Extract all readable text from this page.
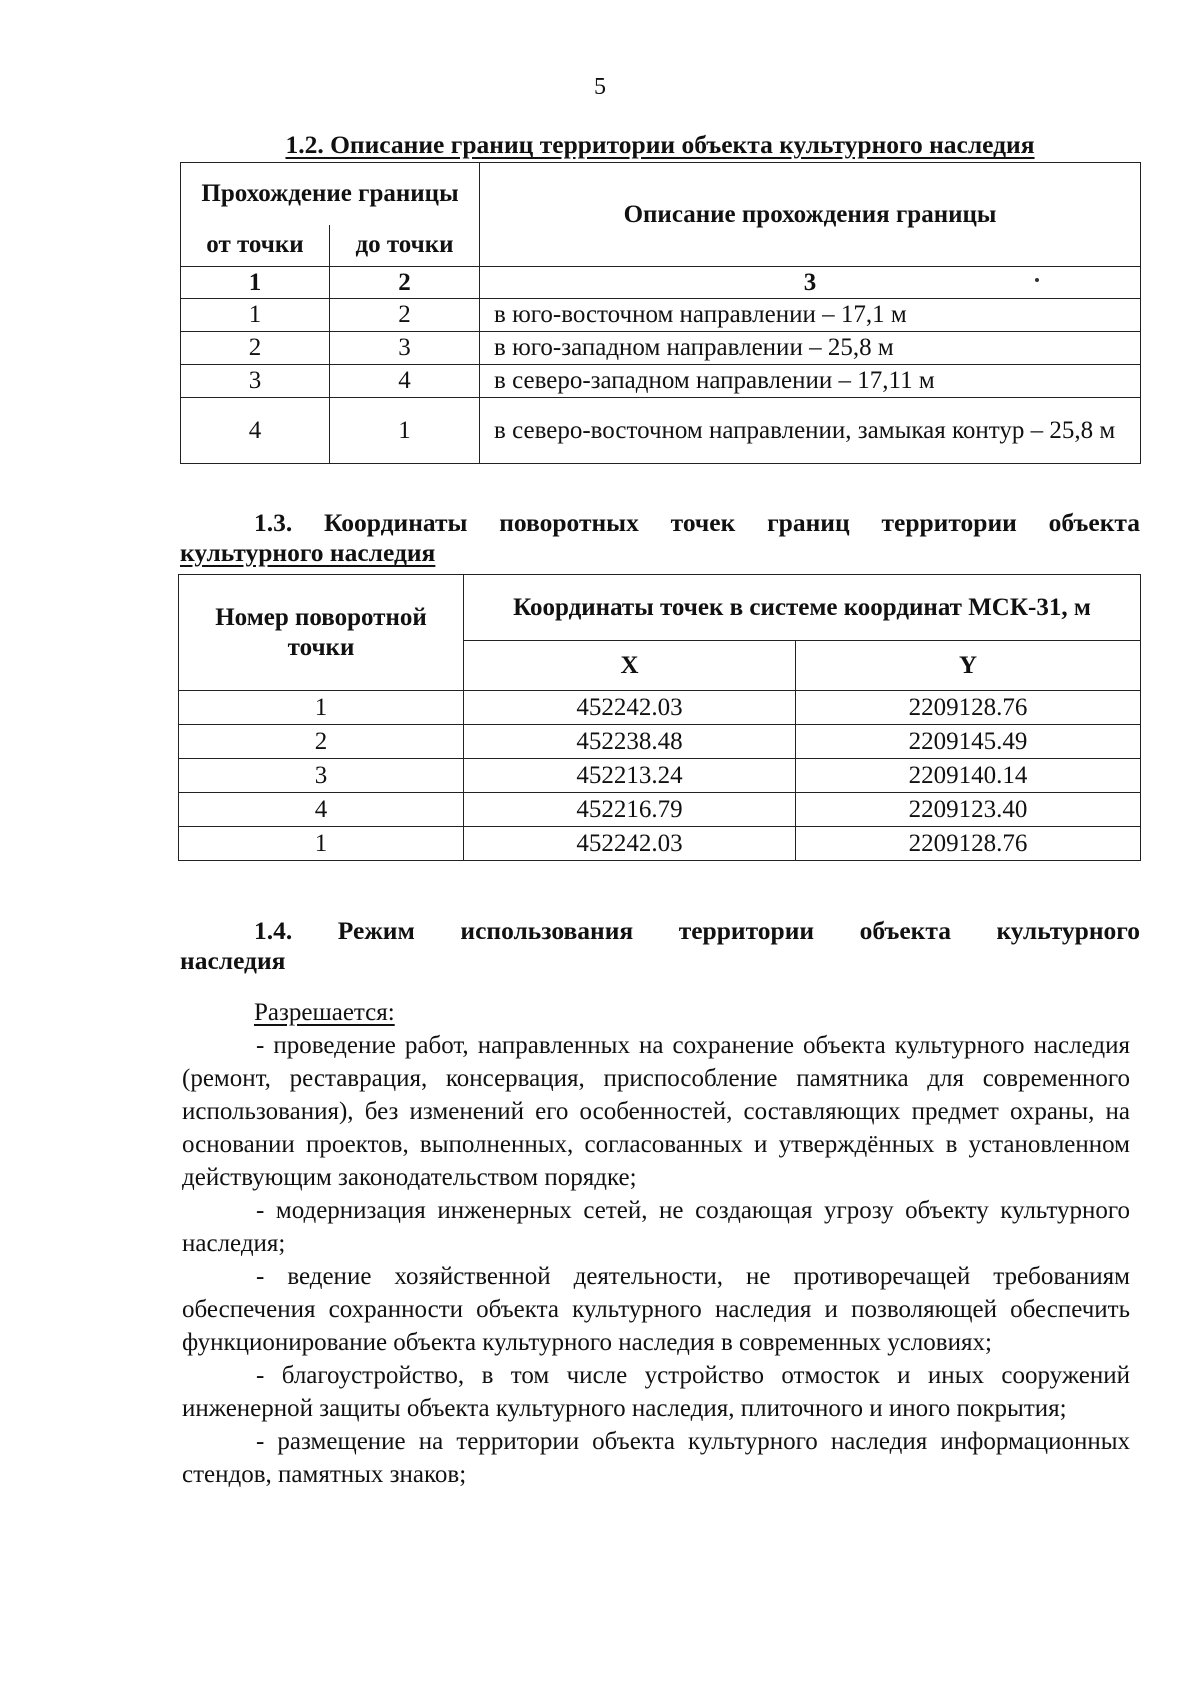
5
1.2. Описание границ территории объекта культурного наследия
Прохождение границы		Описание прохождения границы
от точки	до точки	
1	2	3
1	2	в юго-восточном направлении – 17,1 м
2	3	в юго-западном направлении – 25,8 м
3	4	в северо-западном направлении – 17,11 м
4	1	в северо-восточном направлении, замыкая контур – 25,8 м
1.3. Координаты поворотных точек границ территории объекта
культурного наследия
Номер поворотной точки	Координаты точек в системе координат МСК-31, м	
	X	Y
1	452242.03	2209128.76
2	452238.48	2209145.49
3	452213.24	2209140.14
4	452216.79	2209123.40
1	452242.03	2209128.76
1.4. Режим использования территории объекта культурного
наследия
Разрешается:
- проведение работ, направленных на сохранение объекта культурного наследия (ремонт, реставрация, консервация, приспособление памятника для современного использования), без изменений его особенностей, составляющих предмет охраны, на основании проектов, выполненных, согласованных и утверждённых в установленном действующим законодательством порядке;
- модернизация инженерных сетей, не создающая угрозу объекту культурного наследия;
- ведение хозяйственной деятельности, не противоречащей требованиям обеспечения сохранности объекта культурного наследия и позволяющей обеспечить функционирование объекта культурного наследия в современных условиях;
- благоустройство, в том числе устройство отмосток и иных сооружений инженерной защиты объекта культурного наследия, плиточного и иного покрытия;
- размещение на территории объекта культурного наследия информационных стендов, памятных знаков;
